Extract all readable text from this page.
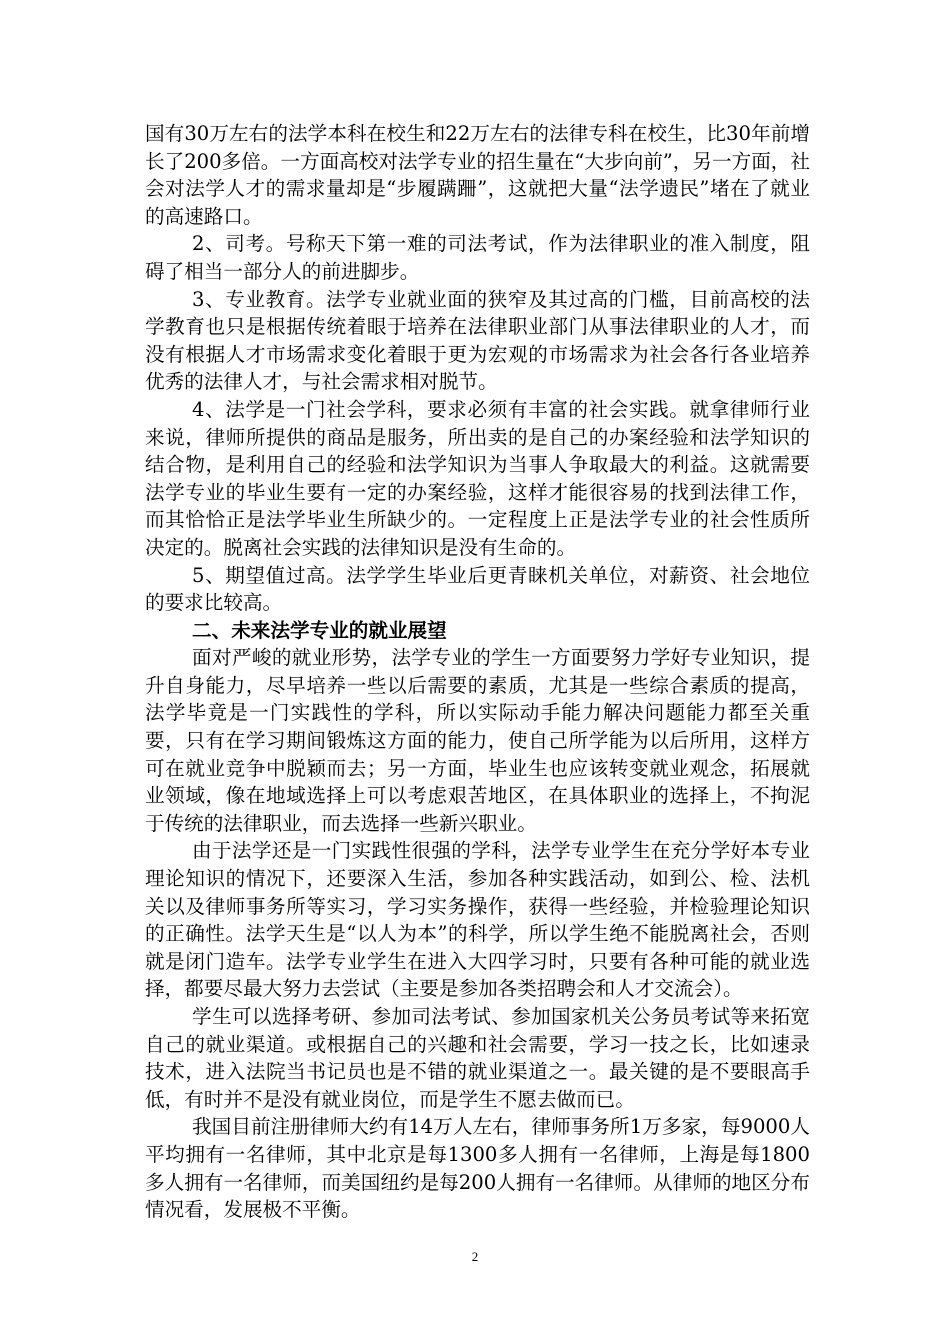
国有30万左右的法学本科在校生和22万左右的法律专科在校生，比30年前增长了200多倍。一方面高校对法学专业的招生量在“大步向前”，另一方面，社会对法学人才的需求量却是“步履蹒跚”，这就把大量“法学遗民”堵在了就业的高速路口。

2、司考。号称天下第一难的司法考试，作为法律职业的准入制度，阻碍了相当一部分人的前进脚步。

3、专业教育。法学专业就业面的狭窄及其过高的门槛，目前高校的法学教育也只是根据传统着眼于培养在法律职业部门从事法律职业的人才，而没有根据人才市场需求变化着眼于更为宏观的市场需求为社会各行各业培养优秀的法律人才，与社会需求相对脱节。

4、法学是一门社会学科，要求必须有丰富的社会实践。就拿律师行业来说，律师所提供的商品是服务，所出卖的是自己的办案经验和法学知识的结合物，是利用自己的经验和法学知识为当事人争取最大的利益。这就需要法学专业的毕业生要有一定的办案经验，这样才能很容易的找到法律工作，而其恰恰正是法学毕业生所缺少的。一定程度上正是法学专业的社会性质所决定的。脱离社会实践的法律知识是没有生命的。

5、期望值过高。法学学生毕业后更青睐机关单位，对薪资、社会地位的要求比较高。

二、未来法学专业的就业展望

面对严峻的就业形势，法学专业的学生一方面要努力学好专业知识，提升自身能力，尽早培养一些以后需要的素质，尤其是一些综合素质的提高，法学毕竟是一门实践性的学科，所以实际动手能力解决问题能力都至关重要，只有在学习期间锻炼这方面的能力，使自己所学能为以后所用，这样方可在就业竞争中脱颖而去；另一方面，毕业生也应该转变就业观念，拓展就业领域，像在地域选择上可以考虑艰苦地区，在具体职业的选择上，不拘泥于传统的法律职业，而去选择一些新兴职业。

由于法学还是一门实践性很强的学科，法学专业学生在充分学好本专业理论知识的情况下，还要深入生活，参加各种实践活动，如到公、检、法机关以及律师事务所等实习，学习实务操作，获得一些经验，并检验理论知识的正确性。法学天生是“以人为本”的科学，所以学生绝不能脱离社会，否则就是闭门造车。法学专业学生在进入大四学习时，只要有各种可能的就业选择，都要尽最大努力去尝试（主要是参加各类招聘会和人才交流会）。

学生可以选择考研、参加司法考试、参加国家机关公务员考试等来拓宽自己的就业渠道。或根据自己的兴趣和社会需要，学习一技之长，比如速录技术，进入法院当书记员也是不错的就业渠道之一。最关键的是不要眼高手低，有时并不是没有就业岗位，而是学生不愿去做而已。

我国目前注册律师大约有14万人左右，律师事务所1万多家，每9000人平均拥有一名律师，其中北京是每1300多人拥有一名律师，上海是每1800多人拥有一名律师，而美国纽约是每200人拥有一名律师。从律师的地区分布情况看，发展极不平衡。

2
